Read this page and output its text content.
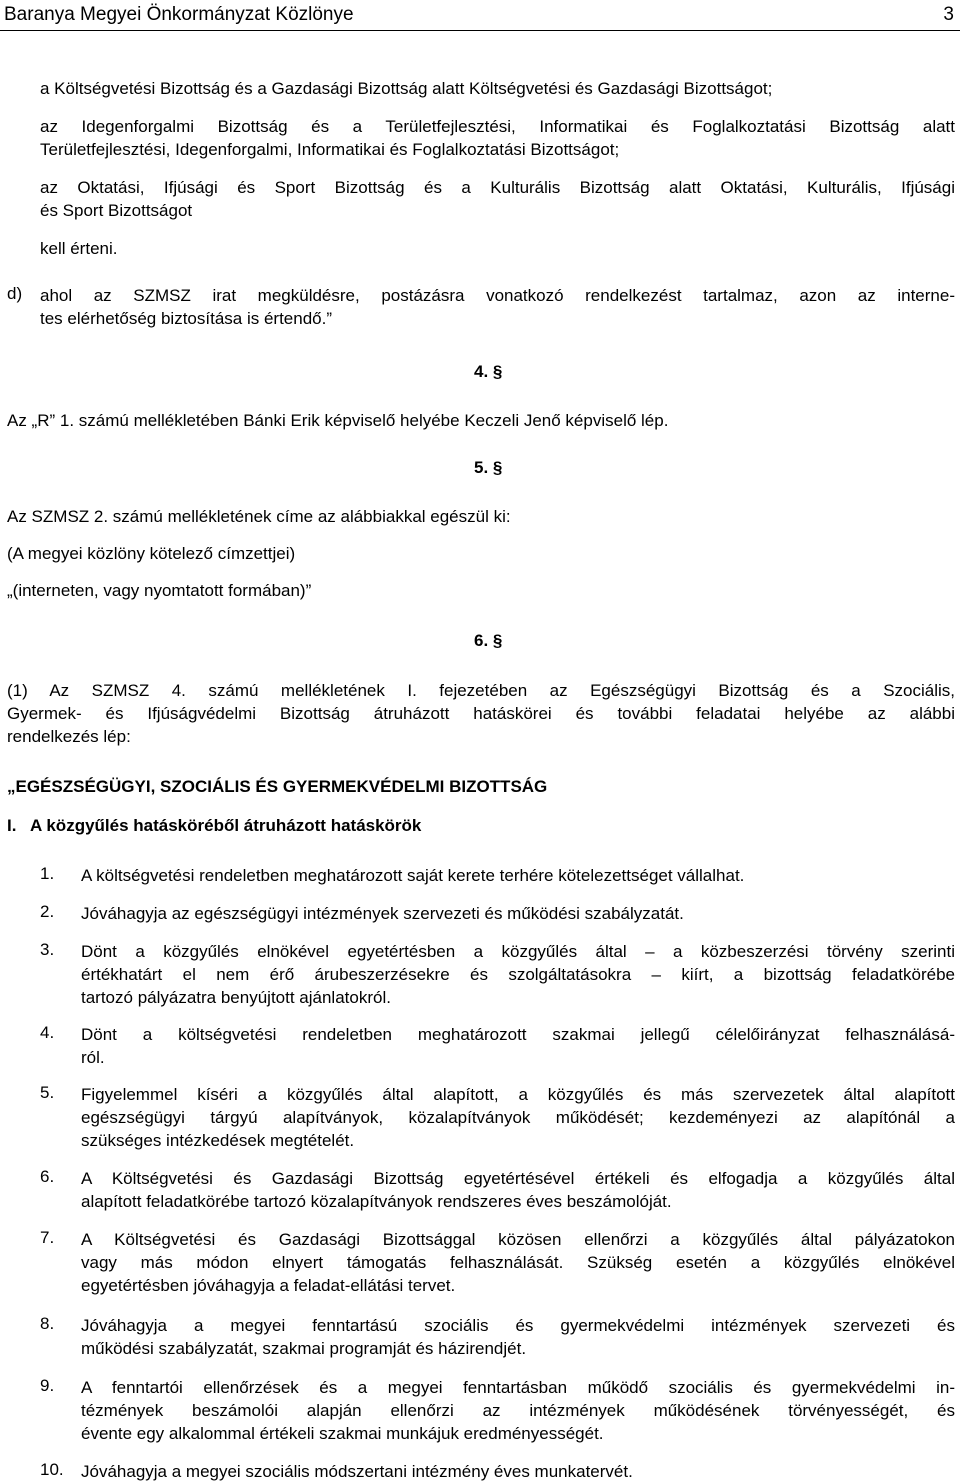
Baranya Megyei Önkormányzat Közlönye	3
a Költségvetési Bizottság és a Gazdasági Bizottság alatt Költségvetési és Gazdasági Bizottságot;
az Idegenforgalmi Bizottság és a Területfejlesztési, Informatikai és Foglalkoztatási Bizottság alatt
Területfejlesztési, Idegenforgalmi, Informatikai és Foglalkoztatási Bizottságot;
az Oktatási, Ifjúsági és Sport Bizottság és a Kulturális Bizottság alatt Oktatási, Kulturális, Ifjúsági
és Sport Bizottságot
kell érteni.
d) ahol az SZMSZ irat megküldésre, postázásra vonatkozó rendelkezést tartalmaz, azon az interne-
tes elérhetőség biztosítása is értendő.”
4. §
Az „R” 1. számú mellékletében Bánki Erik képviselő helyébe Keczeli Jenő képviselő lép.
5. §
Az SZMSZ 2. számú mellékletének címe az alábbiakkal egészül ki:
(A megyei közlöny kötelező címzettjei)
„(interneten, vagy nyomtatott formában)”
6. §
(1) Az SZMSZ 4. számú mellékletének I. fejezetében az Egészségügyi Bizottság és a Szociális,
Gyermek- és Ifjúságvédelmi Bizottság átruházott hatáskörei és további feladatai helyébe az alábbi
rendelkezés lép:
„EGÉSZSÉGÜGYI, SZOCIÁLIS ÉS GYERMEKVÉDELMI BIZOTTSÁG
I.   A közgyűlés hatásköréből átruházott hatáskörök
1. A költségvetési rendeletben meghatározott saját kerete terhére kötelezettséget vállalhat.
2. Jóváhagyja az egészségügyi intézmények szervezeti és működési szabályzatát.
3. Dönt a közgyűlés elnökével egyetértésben a közgyűlés által – a közbeszerzési törvény szerinti
értékhatárt el nem érő árubeszerzésekre és szolgáltatásokra – kiírt, a bizottság feladatkörébe
tartozó pályázatra benyújtott ajánlatokról.
4. Dönt a költségvetési rendeletben meghatározott szakmai jellegű célelőirányzat felhasználásá-
ról.
5. Figyelemmel kíséri a közgyűlés által alapított, a közgyűlés és más szervezetek által alapított
egészségügyi tárgyú alapítványok, közalapítványok működését; kezdeményezi az alapítónál a
szükséges intézkedések megtételét.
6. A Költségvetési és Gazdasági Bizottság egyetértésével értékeli és elfogadja a közgyűlés által
alapított feladatkörébe tartozó közalapítványok rendszeres éves beszámolóját.
7. A Költségvetési és Gazdasági Bizottsággal közösen ellenőrzi a közgyűlés által pályázatokon
vagy más módon elnyert támogatás felhasználását. Szükség esetén a közgyűlés elnökével
egyetértésben jóváhagyja a feladat-ellátási tervet.
8. Jóváhagyja a megyei fenntartású szociális és gyermekvédelmi intézmények szervezeti és
működési szabályzatát, szakmai programját és házirendjét.
9. A fenntartói ellenőrzések és a megyei fenntartásban működő szociális és gyermekvédelmi in-
tézmények beszámolói alapján ellenőrzi az intézmények működésének törvényességét, és
évente egy alkalommal értékeli szakmai munkájuk eredményességét.
10. Jóváhagyja a megyei szociális módszertani intézmény éves munkatervét.
